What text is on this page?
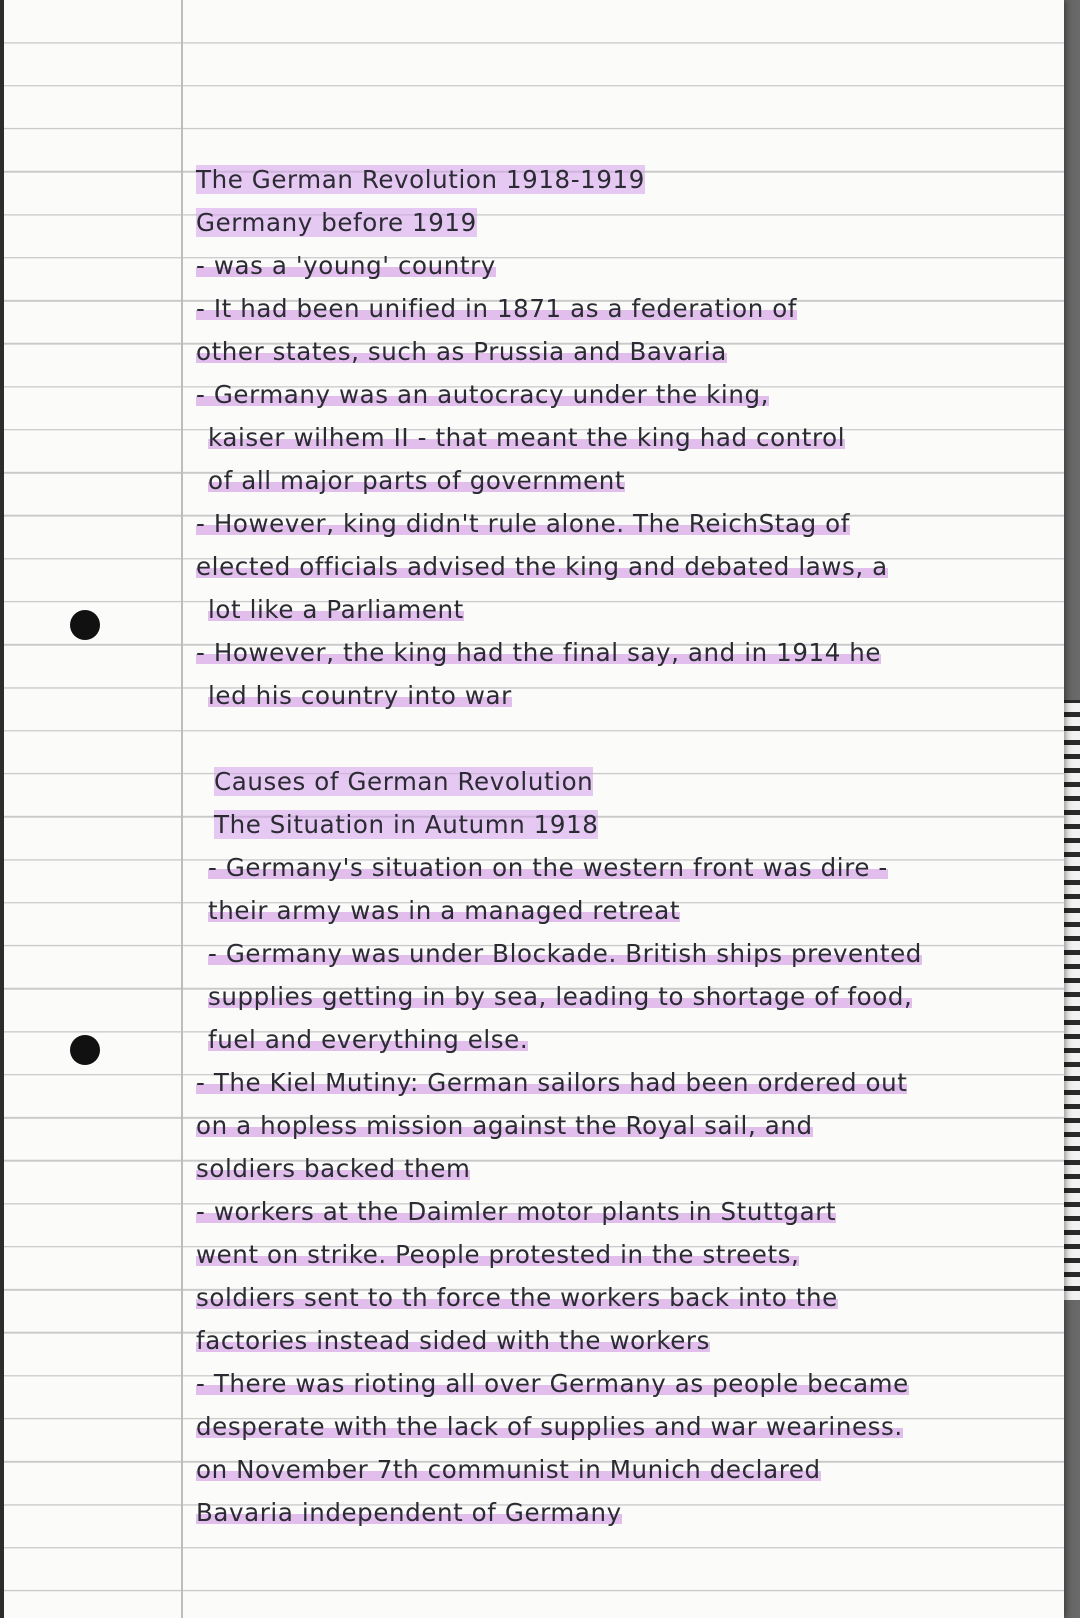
The German Revolution 1918-1919
Germany before 1919
- was a 'young' country
- It had been unified in 1871 as a federation of
other states, such as Prussia and Bavaria
- Germany was an autocracy under the king,
kaiser wilhem II - that meant the king had control
of all major parts of government
- However, king didn't rule alone. The ReichStag of
elected officials advised the king and debated laws, a
lot like a Parliament
- However, the king had the final say, and in 1914 he
led his country into war
Causes of German Revolution
The Situation in Autumn 1918
- Germany's situation on the western front was dire -
their army was in a managed retreat
- Germany was under Blockade. British ships prevented
supplies getting in by sea, leading to shortage of food,
fuel and everything else.
- The Kiel Mutiny: German sailors had been ordered out
on a hopless mission against the Royal sail, and
soldiers backed them
- workers at the Daimler motor plants in Stuttgart
went on strike. People protested in the streets,
soldiers sent to th force the workers back into the
factories instead sided with the workers
- There was rioting all over Germany as people became
desperate with the lack of supplies and war weariness.
on November 7th communist in Munich declared
Bavaria independent of Germany
